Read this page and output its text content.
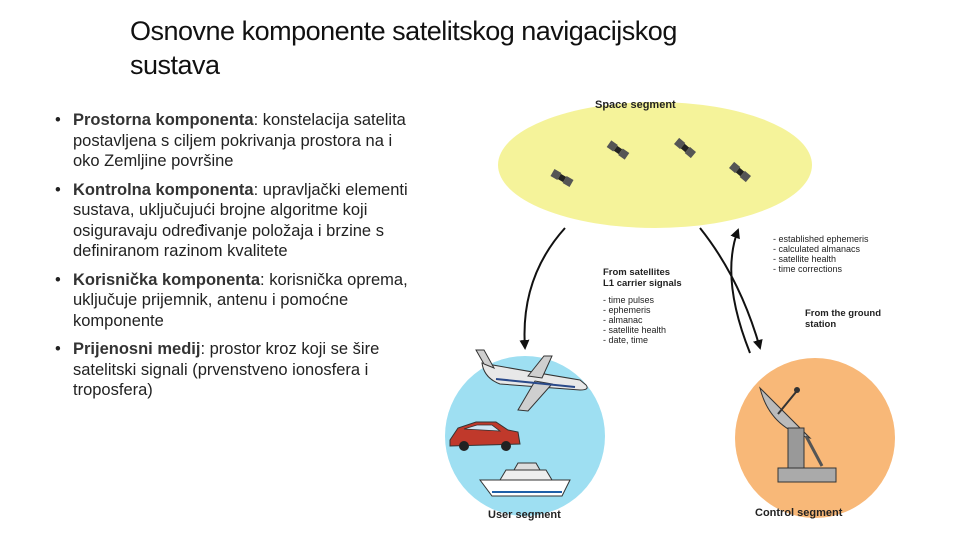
Osnovne komponente satelitskog navigacijskog
sustava
• Prostorna komponenta: konstelacija satelita postavljena s ciljem pokrivanja prostora na i oko Zemljine površine
• Kontrolna komponenta: upravljački elementi sustava, uključujući brojne algoritme koji osiguravaju određivanje položaja i brzine s definiranom razinom kvalitete
• Korisnička komponenta: korisnička oprema, uključuje prijemnik, antenu i pomoćne komponente
• Prijenosni medij: prostor kroz koji se šire satelitski signali (prvenstveno ionosfera i troposfera)
Space segment
User segment	Control segment
From satellites L1 carrier signals
- time pulses - ephemeris - almanac - satellite health - date, time
- established ephemeris - calculated almanacs - satellite health - time corrections
From the ground station
